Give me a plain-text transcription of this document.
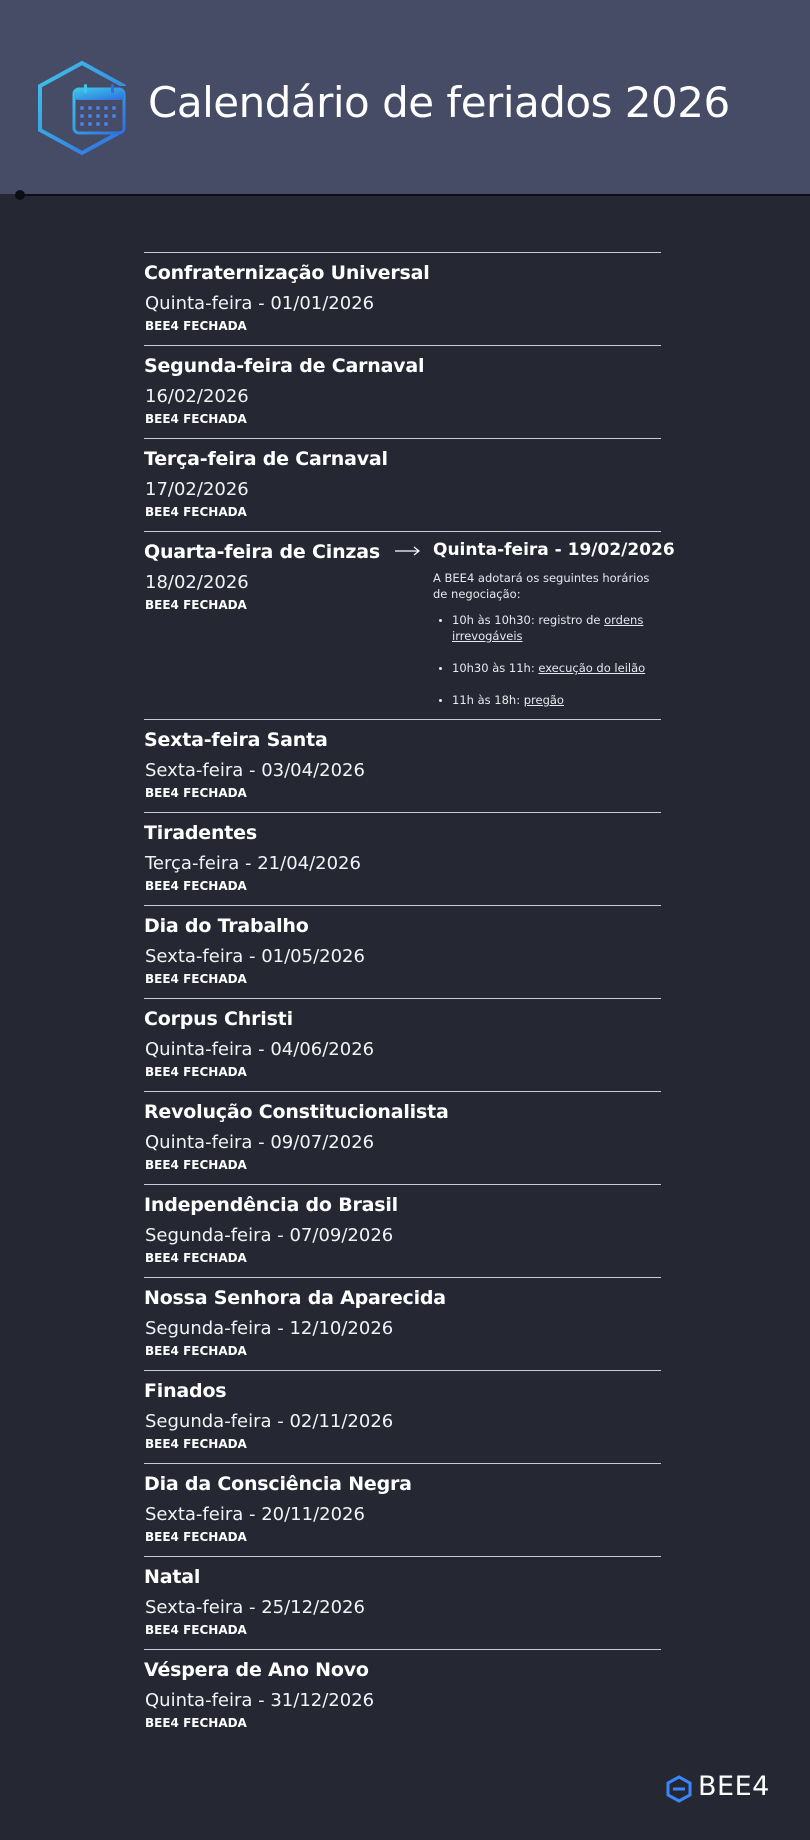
Calendário de feriados 2026
Confraternização Universal
Quinta-feira - 01/01/2026
BEE4 FECHADA
Segunda-feira de Carnaval
16/02/2026
BEE4 FECHADA
Terça-feira de Carnaval
17/02/2026
BEE4 FECHADA
Quarta-feira de Cinzas
18/02/2026
BEE4 FECHADA
Quinta-feira - 19/02/2026
A BEE4 adotará os seguintes horários de negociação:
10h às 10h30: registro de ordens irrevogáveis
10h30 às 11h: execução do leilão
11h às 18h: pregão
Sexta-feira Santa
Sexta-feira - 03/04/2026
BEE4 FECHADA
Tiradentes
Terça-feira - 21/04/2026
BEE4 FECHADA
Dia do Trabalho
Sexta-feira - 01/05/2026
BEE4 FECHADA
Corpus Christi
Quinta-feira - 04/06/2026
BEE4 FECHADA
Revolução Constitucionalista
Quinta-feira - 09/07/2026
BEE4 FECHADA
Independência do Brasil
Segunda-feira - 07/09/2026
BEE4 FECHADA
Nossa Senhora da Aparecida
Segunda-feira - 12/10/2026
BEE4 FECHADA
Finados
Segunda-feira - 02/11/2026
BEE4 FECHADA
Dia da Consciência Negra
Sexta-feira - 20/11/2026
BEE4 FECHADA
Natal
Sexta-feira - 25/12/2026
BEE4 FECHADA
Véspera de Ano Novo
Quinta-feira - 31/12/2026
BEE4 FECHADA
BEE4
